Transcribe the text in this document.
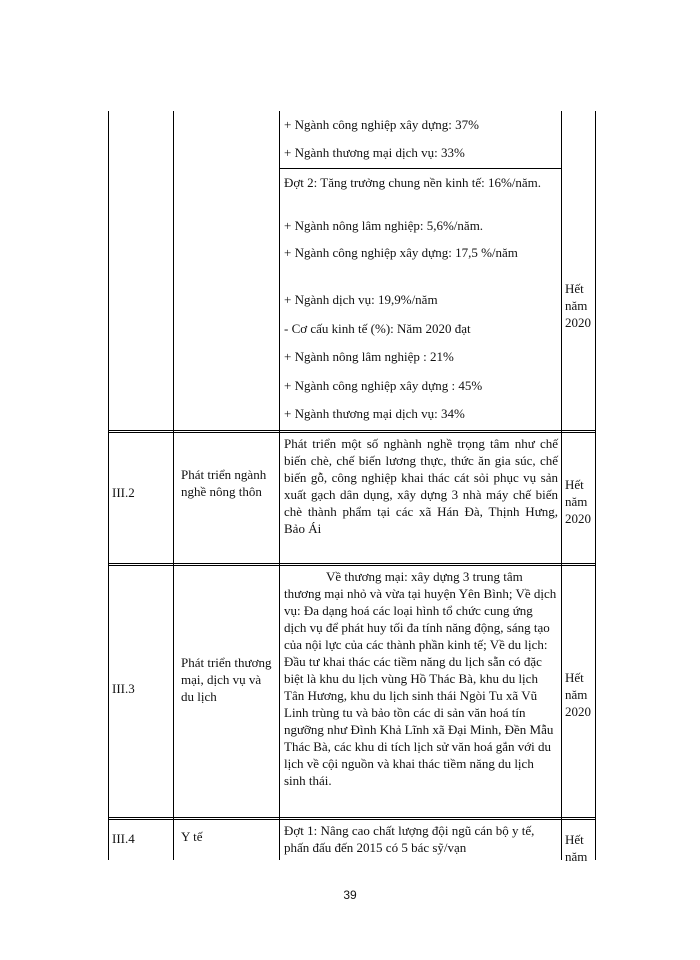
+ Ngành công nghiệp xây dựng: 37%
+ Ngành thương mại dịch vụ: 33%
Đợt 2: Tăng trưởng chung nền kinh tế: 16%/năm.
+ Ngành nông lâm nghiệp: 5,6%/năm.
+ Ngành công nghiệp xây dựng: 17,5 %/năm
+ Ngành dịch vụ: 19,9%/năm
- Cơ cấu kinh tế (%): Năm 2020 đạt
+ Ngành nông lâm nghiệp : 21%
+ Ngành công nghiệp xây dựng : 45%
+ Ngành thương mại dịch vụ: 34%
Hết năm 2020
III.2
Phát triển ngành nghề nông thôn
Phát triển một số nghành nghề trọng tâm như chế biến chè, chế biến lương thực, thức ăn gia súc, chế biến gỗ, công nghiệp khai thác cát sỏi phục vụ sản xuất gạch dân dụng, xây dựng 3 nhà máy chế biến chè thành phẩm tại các xã Hán Đà, Thịnh Hưng, Bảo Ái
Hết năm 2020
III.3
Phát triển thương mại, dịch vụ và du lịch
Về thương mại: xây dựng 3 trung tâm thương mại nhỏ và vừa tại huyện Yên Bình; Về dịch vụ: Đa dạng hoá các loại hình tổ chức cung ứng dịch vụ để phát huy tối đa tính năng động, sáng tạo của nội lực của các thành phần kinh tế; Về du lịch: Đầu tư khai thác các tiềm năng du lịch sẵn có đặc biệt là khu du lịch vùng Hồ Thác Bà, khu du lịch Tân Hương, khu du lịch sinh thái Ngòi Tu xã Vũ Linh trùng tu và bảo tồn các di sản văn hoá tín ngưỡng như Đình Khả Lĩnh xã Đại Minh, Đền Mẫu Thác Bà, các khu di tích lịch sử văn hoá gắn với du lịch về cội nguồn và khai thác tiềm năng du lịch sinh thái.
Hết năm 2020
III.4	Y tế	Đợt 1: Nâng cao chất lượng đội ngũ cán bộ y tế, phấn đấu đến 2015 có 5 bác sỹ/vạn
Hết năm
39
